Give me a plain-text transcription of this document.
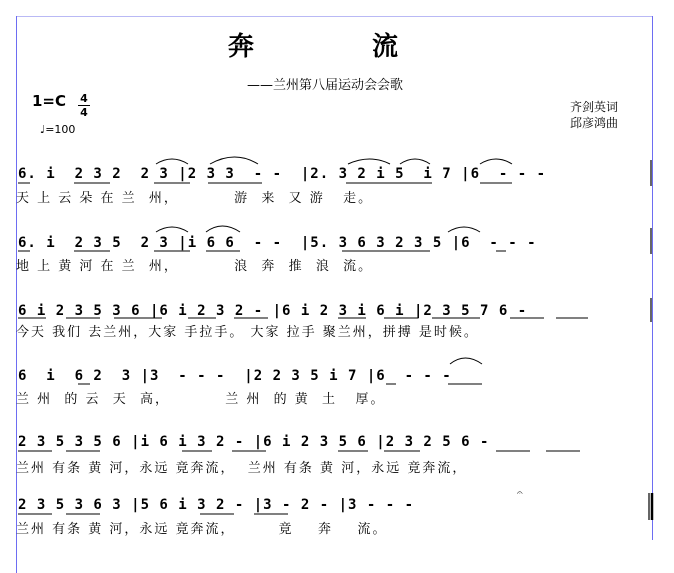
奔流
——兰州第八届运动会会歌
1=C 4
4
♩=100
齐剑英词
邱彦鸿曲
6. i  2 3 2  2 3 |2 3 3  - -  |2. 3 2 i 5  i 7 |6  - - -
天 上 云 朵 在 兰  州，         游  来  又 游   走。
6. i  2 3 5  2 3 |i 6 6  - -  |5. 3 6 3 2 3 5 |6  - - -
地 上 黄 河 在 兰  州，         浪  奔  推  浪  流。
6 i 2 3 5 3 6 |6 i 2 3 2 - |6 i 2 3 i 6 i |2 3 5 7 6 -
今天 我们 去兰州，大家 手拉手。 大家 拉手 聚兰州，拼搏 是时候。
6  i  6 2  3 |3  - - -  |2 2 3 5 i 7 |6  - - -
兰 州  的 云  天  高，         兰 州  的 黄  土   厚。
2 3 5 3 5 6 |i 6 i 3 2 - |6 i 2 3 5 6 |2 3 2 5 6 -
兰州 有条 黄 河，永远 竟奔流，  兰州 有条 黄 河，永远 竟奔流，
2 3 5 3 6 3 |5 6 i 3 2 - |3 - 2 - |3 - - -
兰州 有条 黄 河，永远 竟奔流，       竟    奔    流。
𝄐
